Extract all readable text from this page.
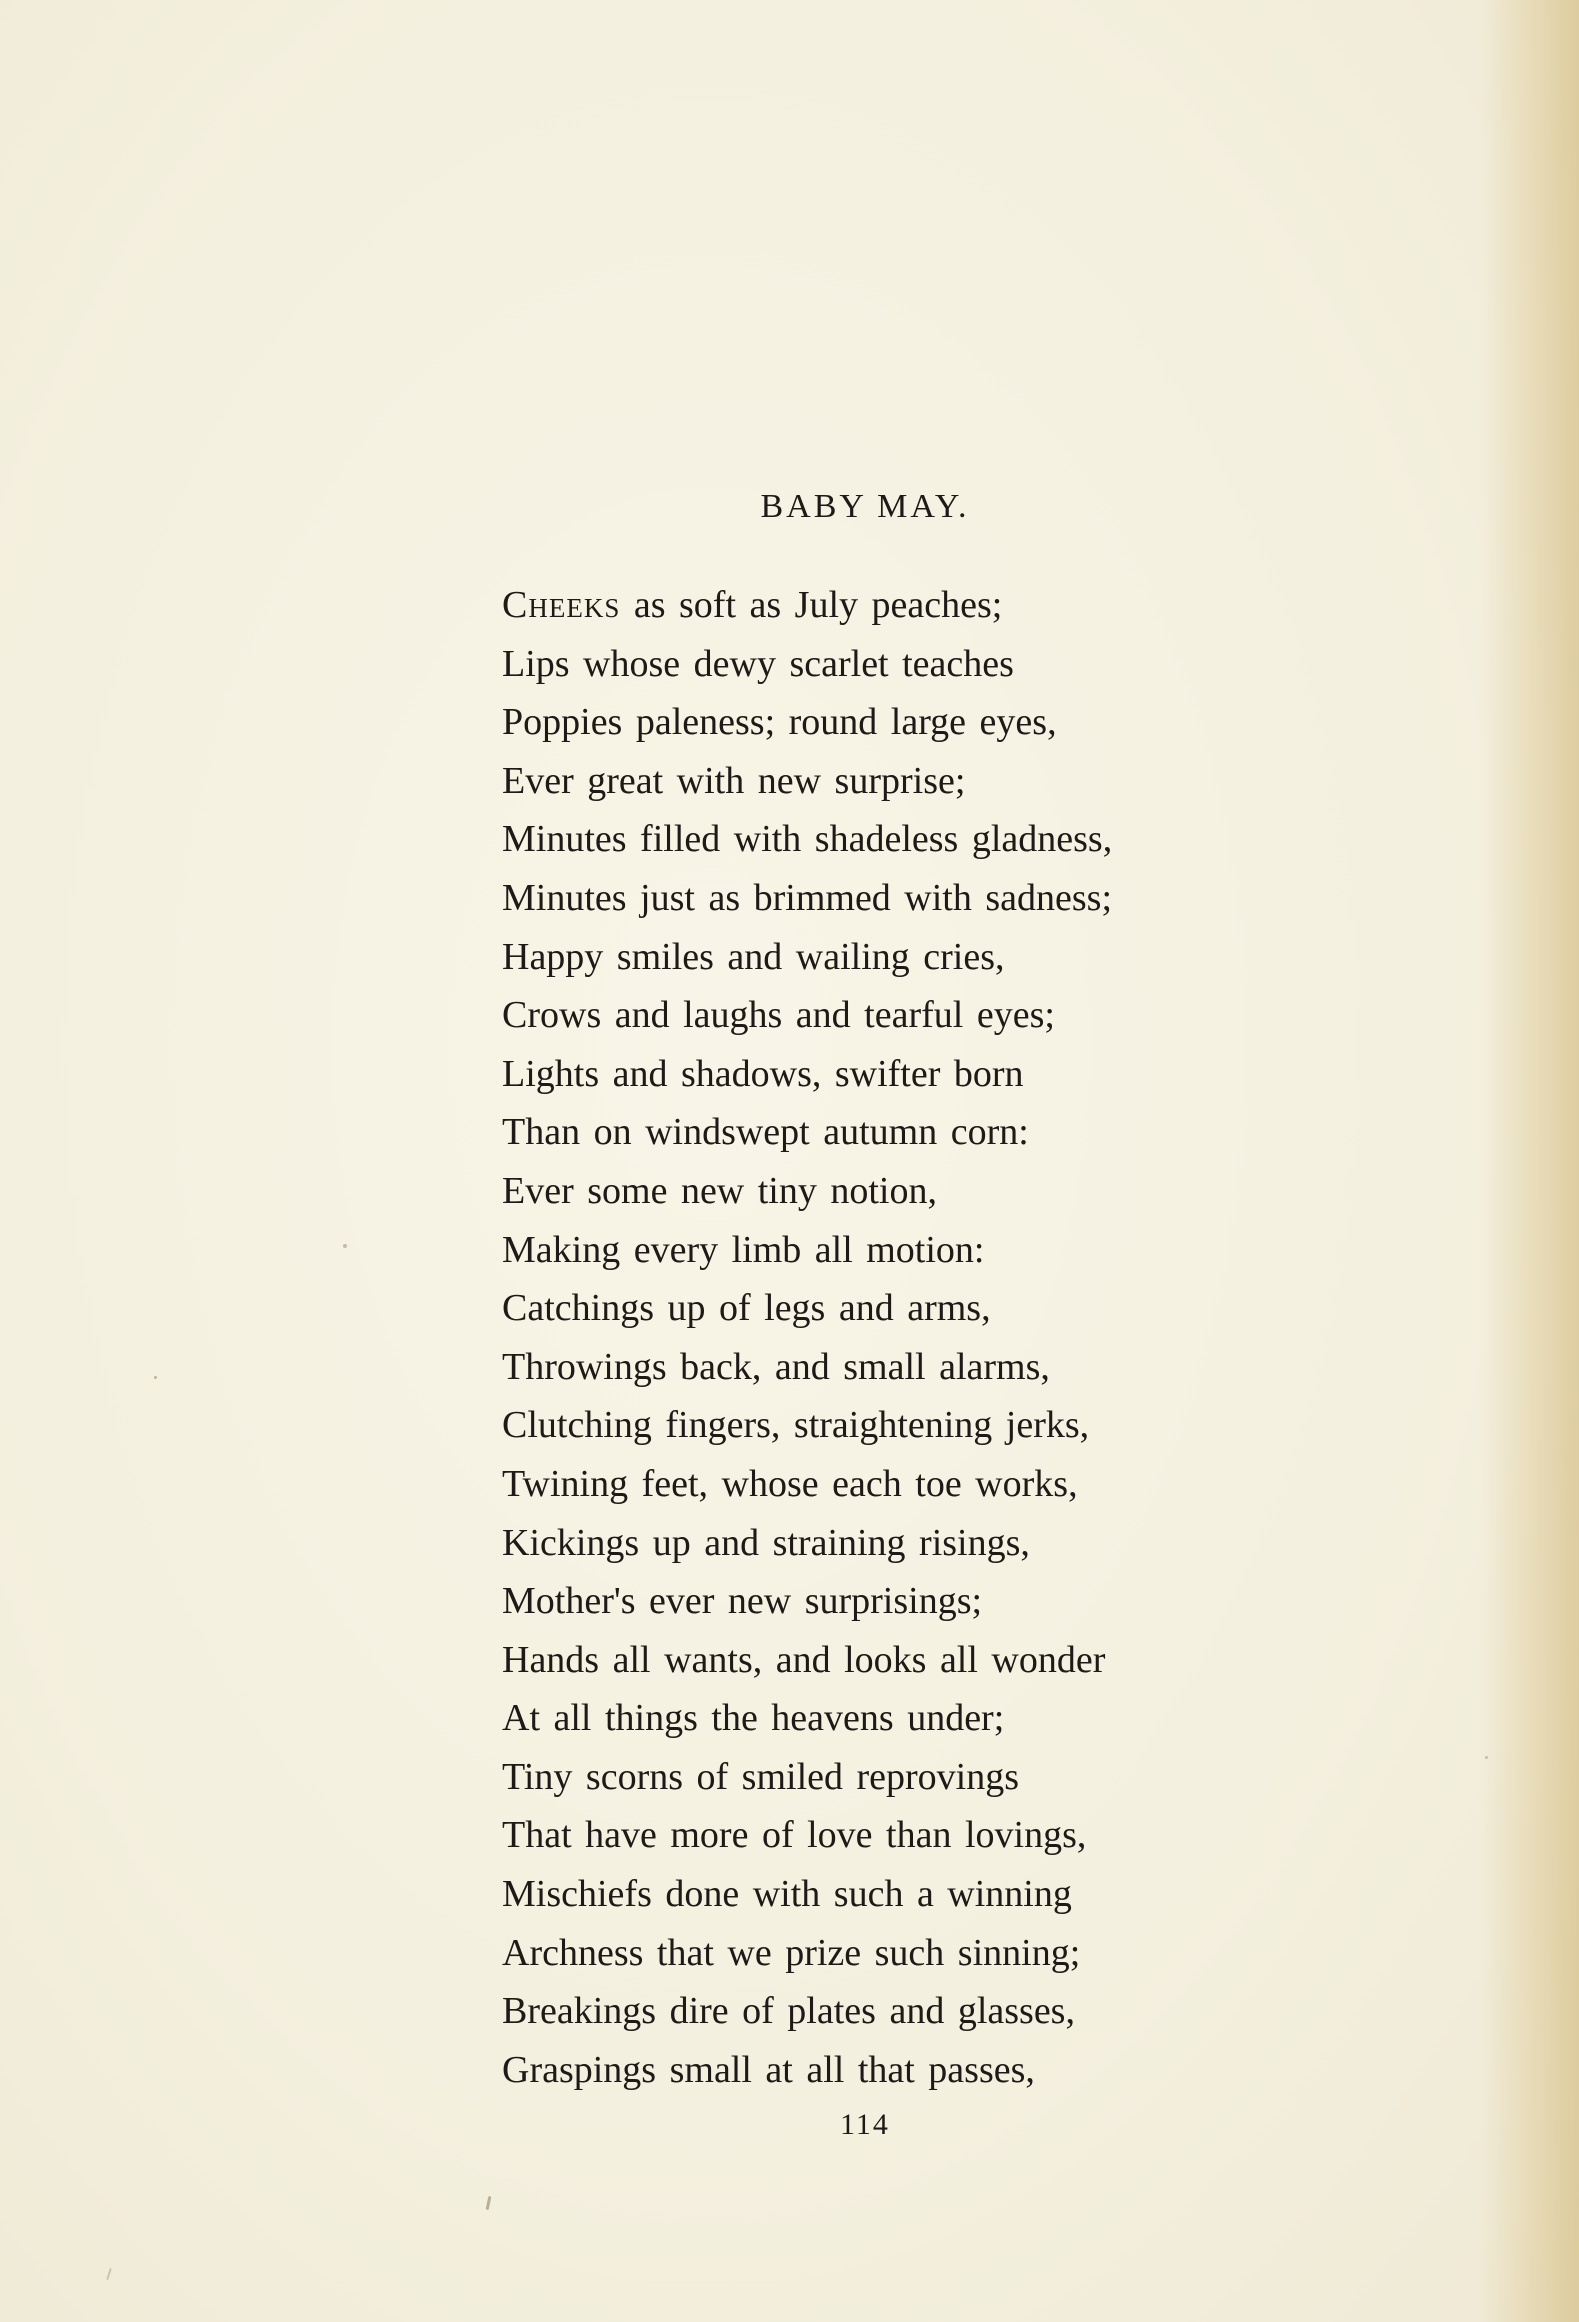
BABY MAY.
Cheeks as soft as July peaches;
Lips whose dewy scarlet teaches
Poppies paleness; round large eyes,
Ever great with new surprise;
Minutes filled with shadeless gladness,
Minutes just as brimmed with sadness;
Happy smiles and wailing cries,
Crows and laughs and tearful eyes;
Lights and shadows, swifter born
Than on windswept autumn corn:
Ever some new tiny notion,
Making every limb all motion:
Catchings up of legs and arms,
Throwings back, and small alarms,
Clutching fingers, straightening jerks,
Twining feet, whose each toe works,
Kickings up and straining risings,
Mother's ever new surprisings;
Hands all wants, and looks all wonder
At all things the heavens under;
Tiny scorns of smiled reprovings
That have more of love than lovings,
Mischiefs done with such a winning
Archness that we prize such sinning;
Breakings dire of plates and glasses,
Graspings small at all that passes,
114
